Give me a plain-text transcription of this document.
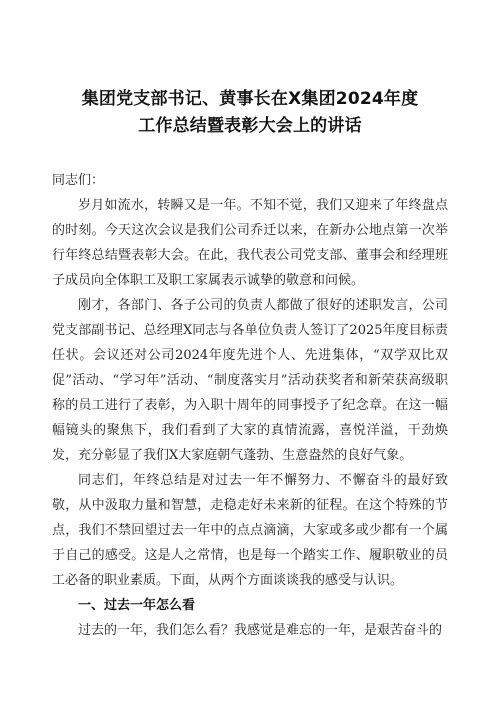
集团党支部书记、黄事长在X集团2024年度
工作总结暨表彰大会上的讲话

同志们：

岁月如流水，转瞬又是一年。不知不觉，我们又迎来了年终盘点的时刻。今天这次会议是我们公司乔迁以来，在新办公地点第一次举行年终总结暨表彰大会。在此，我代表公司党支部、董事会和经理班子成员向全体职工及职工家属表示诚挚的敬意和问候。

刚才，各部门、各子公司的负责人都做了很好的述职发言，公司党支部副书记、总经理X同志与各单位负责人签订了2025年度目标责任状。会议还对公司2024年度先进个人、先进集体，“双学双比双促”活动、“学习年”活动、“制度落实月”活动获奖者和新荣获高级职称的员工进行了表彰，为入职十周年的同事授予了纪念章。在这一幅幅镜头的聚焦下，我们看到了大家的真情流露，喜悦洋溢，干劲焕发，充分彰显了我们X大家庭朝气蓬勃、生意盎然的良好气象。

同志们，年终总结是对过去一年不懈努力、不懈奋斗的最好致敬，从中汲取力量和智慧，走稳走好未来新的征程。在这个特殊的节点，我们不禁回望过去一年中的点点滴滴，大家或多或少都有一个属于自己的感受。这是人之常情，也是每一个踏实工作、履职敬业的员工必备的职业素质。下面，从两个方面谈谈我的感受与认识。

一、过去一年怎么看

过去的一年，我们怎么看？我感觉是难忘的一年，是艰苦奋斗的
